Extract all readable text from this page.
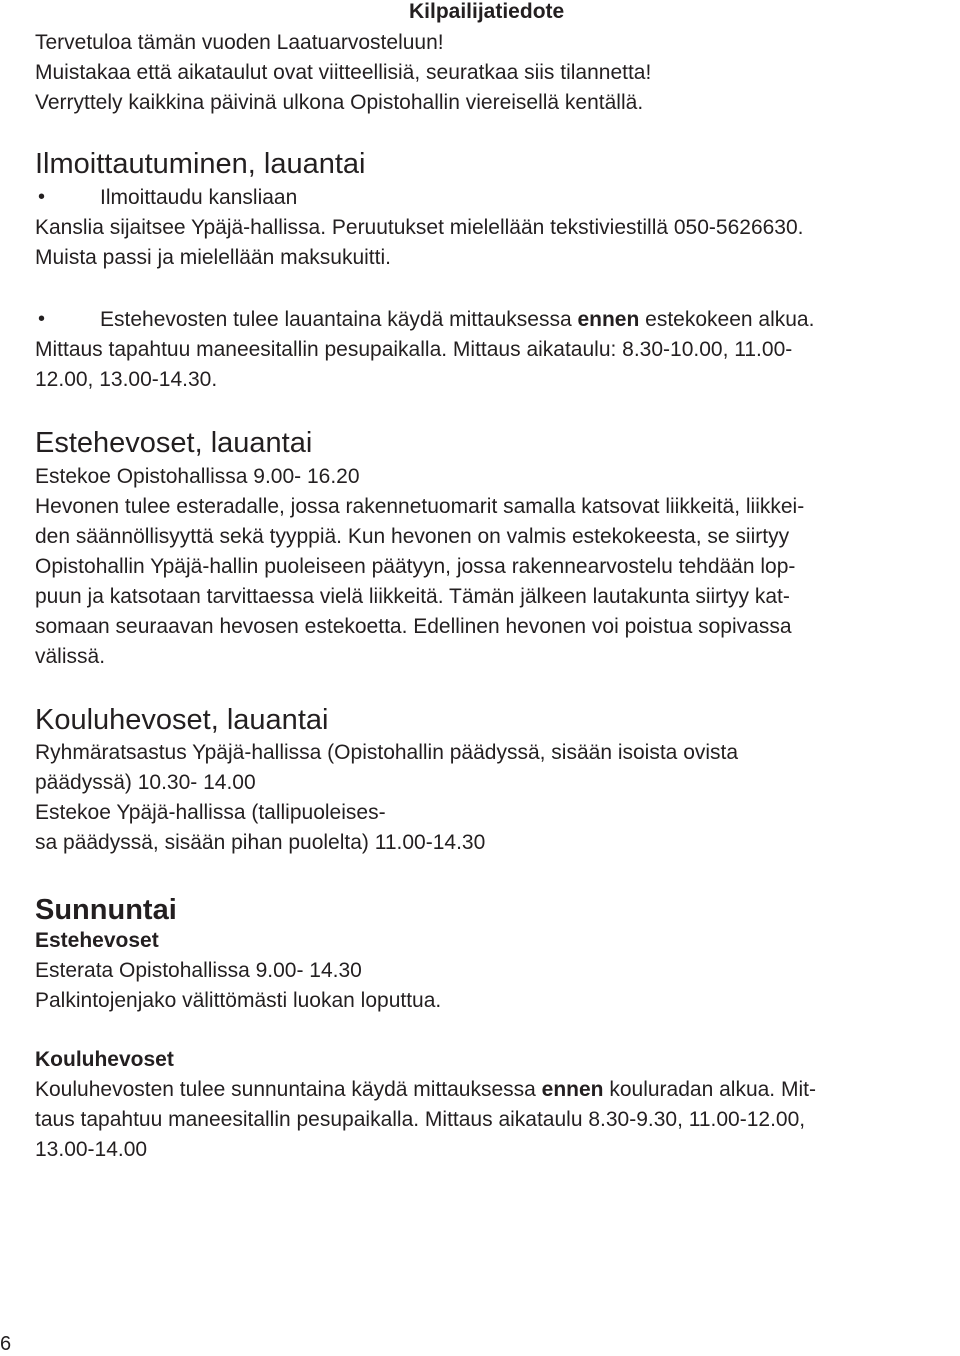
Kilpailijatiedote

Tervetuloa tämän vuoden Laatuarvosteluun!

Muistakaa että aikataulut ovat viitteellisiä, seuratkaa siis tilannetta!

Verryttely kaikkina päivinä ulkona Opistohallin viereisellä kentällä.

Ilmoittautuminen, lauantai

•	Ilmoittaudu kansliaan

Kanslia sijaitsee Ypäjä-hallissa. Peruutukset mielellään tekstiviestillä 050-5626630.

Muista passi ja mielellään maksukuitti.

•	Estehevosten tulee lauantaina käydä mittauksessa ennen estekokeen alkua.

Mittaus tapahtuu maneesitallin pesupaikalla. Mittaus aikataulu: 8.30-10.00, 11.00-

12.00, 13.00-14.30.

Estehevoset, lauantai

Estekoe Opistohallissa 9.00- 16.20

Hevonen tulee esteradalle, jossa rakennetuomarit samalla katsovat liikkeitä, liikkei-

den säännöllisyyttä sekä tyyppiä. Kun hevonen on valmis estekokeesta, se siirtyy

Opistohallin Ypäjä-hallin puoleiseen päätyyn, jossa rakennearvostelu tehdään lop-

puun ja katsotaan tarvittaessa vielä liikkeitä. Tämän jälkeen lautakunta siirtyy kat-

somaan seuraavan hevosen estekoetta. Edellinen hevonen voi poistua sopivassa

välissä.

Kouluhevoset, lauantai

Ryhmäratsastus Ypäjä-hallissa (Opistohallin päädyssä, sisään isoista ovista

päädyssä) 10.30- 14.00

Estekoe Ypäjä-hallissa (tallipuoleises-

sa päädyssä, sisään pihan puolelta) 11.00-14.30

Sunnuntai

Estehevoset

Esterata Opistohallissa 9.00- 14.30

Palkintojenjako välittömästi luokan loputtua.

Kouluhevoset

Kouluhevosten tulee sunnuntaina käydä mittauksessa ennen kouluradan alkua. Mit-

taus tapahtuu maneesitallin pesupaikalla. Mittaus aikataulu 8.30-9.30, 11.00-12.00,

13.00-14.00

6
